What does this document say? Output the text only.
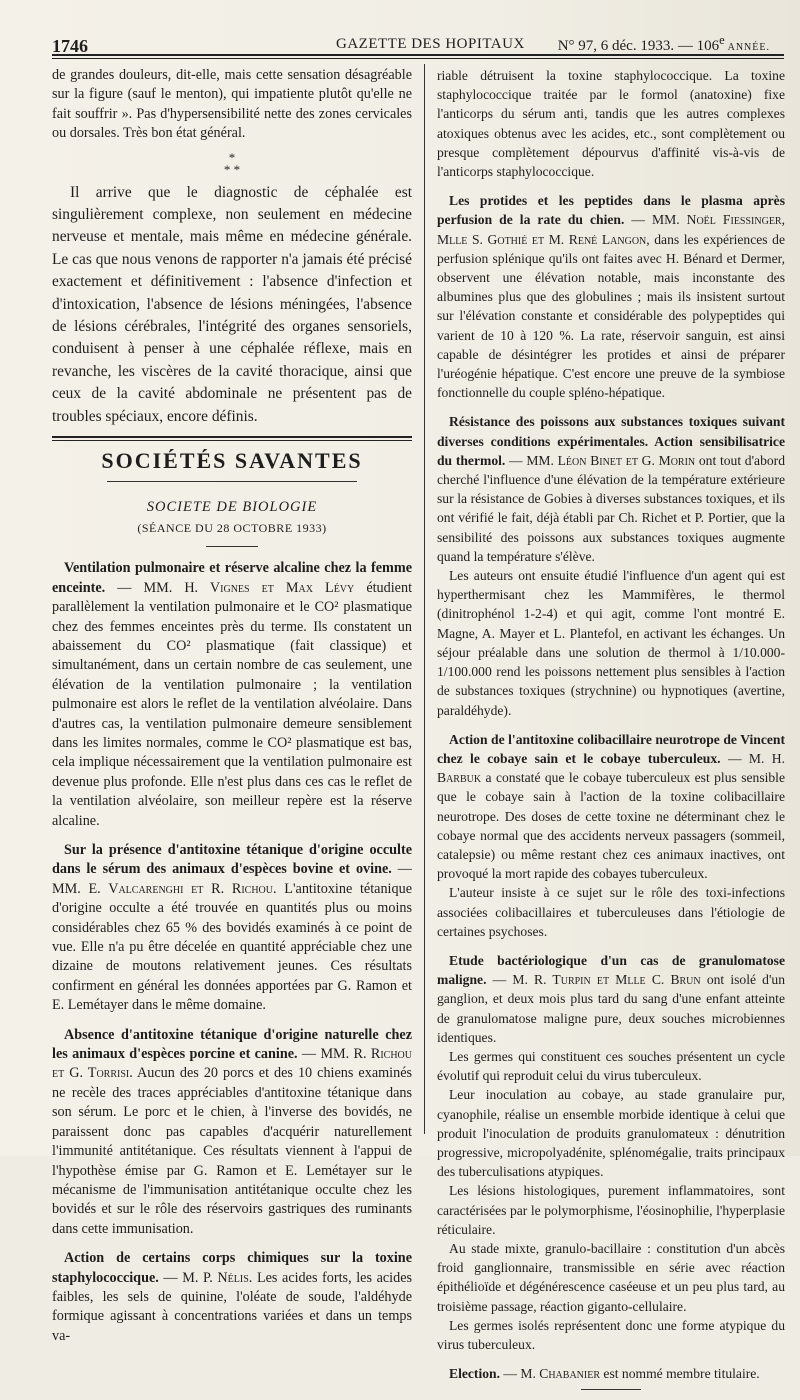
1746	GAZETTE DES HOPITAUX N° 97, 6 déc. 1933. — 106e ANNÉE.

de grandes douleurs, dit-elle, mais cette sensation désagréable sur la figure (sauf le menton), qui impatiente plutôt qu'elle ne fait souffrir ». Pas d'hypersensibilité nette des zones cervicales ou dorsales. Très bon état général.

*
* *

Il arrive que le diagnostic de céphalée est singulièrement complexe, non seulement en médecine nerveuse et mentale, mais même en médecine générale. Le cas que nous venons de rapporter n'a jamais été précisé exactement et définitivement : l'absence d'infection et d'intoxication, l'absence de lésions méningées, l'absence de lésions cérébrales, l'intégrité des organes sensoriels, conduisent à penser à une céphalée réflexe, mais en revanche, les viscères de la cavité thoracique, ainsi que ceux de la cavité abdominale ne présentent pas de troubles spéciaux, encore définis.

SOCIÉTÉS SAVANTES
SOCIETE DE BIOLOGIE
(SÉANCE DU 28 OCTOBRE 1933)

Ventilation pulmonaire et réserve alcaline chez la femme enceinte. — MM. H. Vignes et Max Lévy étudient parallèlement la ventilation pulmonaire et le CO² plasmatique chez des femmes enceintes près du terme. Ils constatent un abaissement du CO² plasmatique (fait classique) et simultanément, dans un certain nombre de cas seulement, une élévation de la ventilation pulmonaire ; la ventilation pulmonaire est alors le reflet de la ventilation alvéolaire. Dans d'autres cas, la ventilation pulmonaire demeure sensiblement dans les limites normales, comme le CO² plasmatique est bas, cela implique nécessairement que la ventilation pulmonaire est devenue plus profonde. Elle n'est plus dans ces cas le reflet de la ventilation alvéolaire, son meilleur repère est la réserve alcaline.

Sur la présence d'antitoxine tétanique d'origine occulte dans le sérum des animaux d'espèces bovine et ovine. — MM. E. Valcarenghi et R. Richou. L'antitoxine tétanique d'origine occulte a été trouvée en quantités plus ou moins considérables chez 65 % des bovidés examinés à ce point de vue. Elle n'a pu être décelée en quantité appréciable chez une dizaine de moutons relativement jeunes. Ces résultats confirment en général les données apportées par G. Ramon et E. Lemétayer dans le même domaine.

Absence d'antitoxine tétanique d'origine naturelle chez les animaux d'espèces porcine et canine. — MM. R. Richou et G. Torrisi. Aucun des 20 porcs et des 10 chiens examinés ne recèle des traces appréciables d'antitoxine tétanique dans son sérum. Le porc et le chien, à l'inverse des bovidés, ne paraissent donc pas capables d'acquérir naturellement l'immunité antitétanique. Ces résultats viennent à l'appui de l'hypothèse émise par G. Ramon et E. Lemétayer sur le mécanisme de l'immunisation antitétanique occulte chez les bovidés et sur le rôle des réservoirs gastriques des ruminants dans cette immunisation.

Action de certains corps chimiques sur la toxine staphylococcique. — M. P. Nélis. Les acides forts, les acides faibles, les sels de quinine, l'oléate de soude, l'aldéhyde formique agissant à concentrations variées et dans un temps va-

riable détruisent la toxine staphylococcique. La toxine staphylococcique traitée par le formol (anatoxine) fixe l'anticorps du sérum anti, tandis que les autres complexes atoxiques obtenus avec les acides, etc., sont complètement ou presque complètement dépourvus d'affinité vis-à-vis de l'anticorps staphylococcique.

Les protides et les peptides dans le plasma après perfusion de la rate du chien. — MM. Noël Fiessinger, Mlle S. Gothié et M. René Langon, dans les expériences de perfusion splénique qu'ils ont faites avec H. Bénard et Dermer, observent une élévation notable, mais inconstante des albumines plus que des globulines ; mais ils insistent surtout sur l'élévation constante et considérable des polypeptides qui varient de 10 à 120 %. La rate, réservoir sanguin, est ainsi capable de désintégrer les protides et ainsi de préparer l'uréogénie hépatique. C'est encore une preuve de la symbiose fonctionnelle du couple spléno-hépatique.

Résistance des poissons aux substances toxiques suivant diverses conditions expérimentales. Action sensibilisatrice du thermol. — MM. Léon Binet et G. Morin ont tout d'abord cherché l'influence d'une élévation de la température extérieure sur la résistance de Gobies à diverses substances toxiques, et ils ont vérifié le fait, déjà établi par Ch. Richet et P. Portier, que la sensibilité des poissons aux substances toxiques augmente quand la température s'élève.

Les auteurs ont ensuite étudié l'influence d'un agent qui est hyperthermisant chez les Mammifères, le thermol (dinitrophénol 1-2-4) et qui agit, comme l'ont montré E. Magne, A. Mayer et L. Plantefol, en activant les échanges. Un séjour préalable dans une solution de thermol à 1/10.000-1/100.000 rend les poissons nettement plus sensibles à l'action de substances toxiques (strychnine) ou hypnotiques (avertine, paraldéhyde).

Action de l'antitoxine colibacillaire neurotrope de Vincent chez le cobaye sain et le cobaye tuberculeux. — M. H. Barbuk a constaté que le cobaye tuberculeux est plus sensible que le cobaye sain à l'action de la toxine colibacillaire neurotrope. Des doses de cette toxine ne déterminant chez le cobaye normal que des accidents nerveux passagers (sommeil, catalepsie) ou même restant chez ces animaux inactives, ont provoqué la mort rapide des cobayes tuberculeux.

L'auteur insiste à ce sujet sur le rôle des toxi-infections associées colibacillaires et tuberculeuses dans l'étiologie de certaines psychoses.

Etude bactériologique d'un cas de granulomatose maligne. — M. R. Turpin et Mlle C. Brun ont isolé d'un ganglion, et deux mois plus tard du sang d'une enfant atteinte de granulomatose maligne pure, deux souches microbiennes identiques.

Les germes qui constituent ces souches présentent un cycle évolutif qui reproduit celui du virus tuberculeux.

Leur inoculation au cobaye, au stade granulaire pur, cyanophile, réalise un ensemble morbide identique à celui que produit l'inoculation de produits granulomateux : dénutrition progressive, micropolyadénite, splénomégalie, traits principaux des tuberculisations atypiques.

Les lésions histologiques, purement inflammatoires, sont caractérisées par le polymorphisme, l'éosinophilie, l'hyperplasie réticulaire.

Au stade mixte, granulo-bacillaire : constitution d'un abcès froid ganglionnaire, transmissible en série avec réaction épithélioïde et dégénérescence caséeuse et un peu plus tard, au troisième passage, réaction giganto-cellulaire.

Les germes isolés représentent donc une forme atypique du virus tuberculeux.

Election. — M. Chabanier est nommé membre titulaire.
